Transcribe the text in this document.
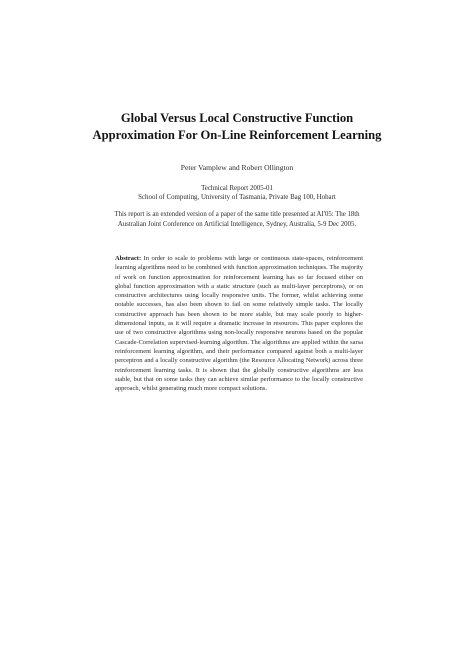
Global Versus Local Constructive Function
Approximation For On-Line Reinforcement Learning
Peter Vamplew and Robert Ollington
Technical Report 2005-01
School of Computing, University of Tasmania, Private Bag 100, Hobart
This report is an extended version of a paper of the same title presented at AI'05: The 18th
Australian Joint Conference on Artificial Intelligence, Sydney, Australia, 5-9 Dec 2005.
Abstract: In order to scale to problems with large or continuous state-spaces, reinforcement learning algorithms need to be combined with function approximation techniques. The majority of work on function approximation for reinforcement learning has so far focused either on global function approximation with a static structure (such as multi-layer perceptrons), or on constructive architectures using locally responsive units. The former, whilst achieving some notable successes, has also been shown to fail on some relatively simple tasks. The locally constructive approach has been shown to be more stable, but may scale poorly to higher-dimensional inputs, as it will require a dramatic increase in resources. This paper explores the use of two constructive algorithms using non-locally responsive neurons based on the popular Cascade-Correlation supervised-learning algorithm. The algorithms are applied within the sarsa reinforcement learning algorithm, and their performance compared against both a multi-layer perceptron and a locally constructive algorithm (the Resource Allocating Network) across three reinforcement learning tasks. It is shown that the globally constructive algorithms are less stable, but that on some tasks they can achieve similar performance to the locally constructive approach, whilst generating much more compact solutions.
